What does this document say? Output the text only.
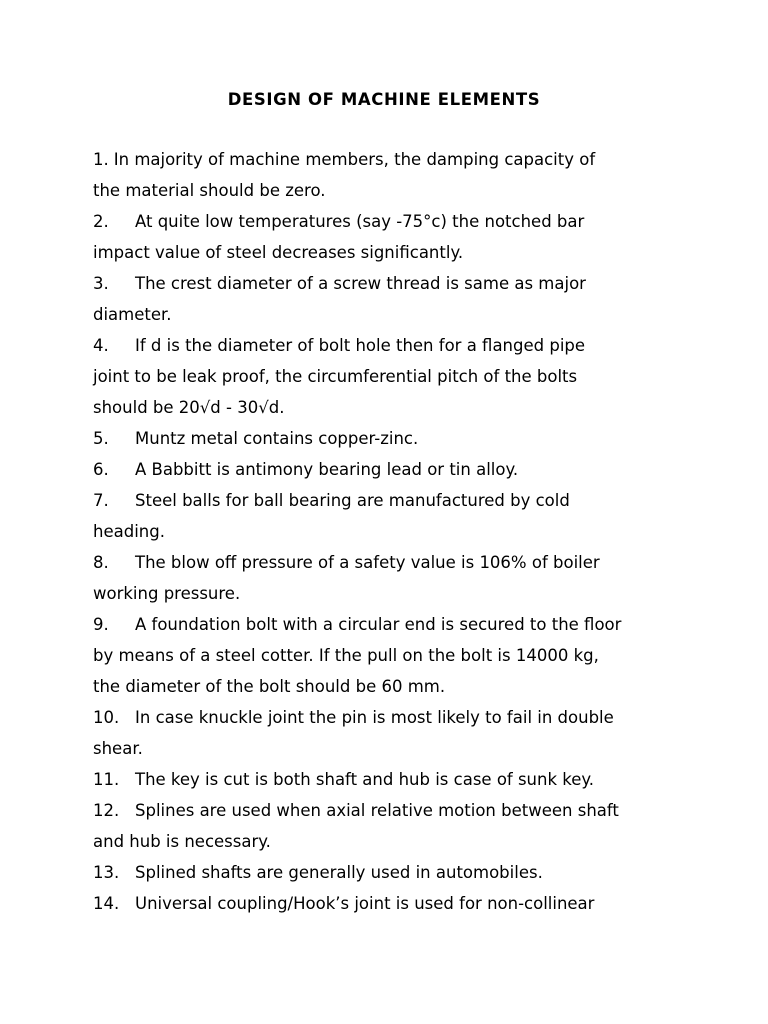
DESIGN OF MACHINE ELEMENTS
1. In majority of machine members, the damping capacity of
the material should be zero.
2. At quite low temperatures (say -75°c) the notched bar
impact value of steel decreases significantly.
3. The crest diameter of a screw thread is same as major
diameter.
4. If d is the diameter of bolt hole then for a flanged pipe
joint to be leak proof, the circumferential pitch of the bolts
should be 20√d - 30√d.
5. Muntz metal contains copper-zinc.
6. A Babbitt is antimony bearing lead or tin alloy.
7. Steel balls for ball bearing are manufactured by cold
heading.
8. The blow off pressure of a safety value is 106% of boiler
working pressure.
9. A foundation bolt with a circular end is secured to the floor
by means of a steel cotter. If the pull on the bolt is 14000 kg,
the diameter of the bolt should be 60 mm.
10. In case knuckle joint the pin is most likely to fail in double
shear.
11. The key is cut is both shaft and hub is case of sunk key.
12. Splines are used when axial relative motion between shaft
and hub is necessary.
13. Splined shafts are generally used in automobiles.
14. Universal coupling/Hook’s joint is used for non-collinear
